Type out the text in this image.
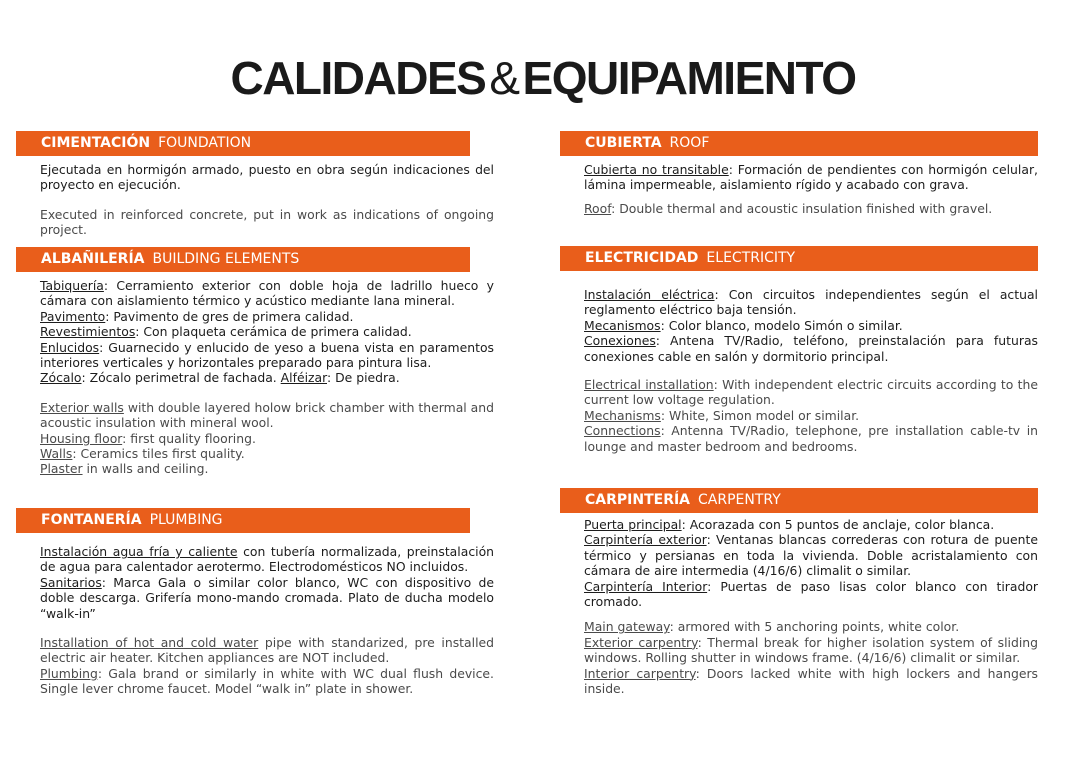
CALIDADES&EQUIPAMIENTO
CIMENTACIÓN FOUNDATION

Ejecutada en hormigón armado, puesto en obra según indicaciones del proyecto en ejecución.

Executed in reinforced concrete, put in work as indications of ongoing project.

ALBAÑILERÍA BUILDING ELEMENTS

Tabiquería: Cerramiento exterior con doble hoja de ladrillo hueco y cámara con aislamiento térmico y acústico mediante lana mineral.

Pavimento: Pavimento de gres de primera calidad.

Revestimientos: Con plaqueta cerámica de primera calidad.

Enlucidos: Guarnecido y enlucido de yeso a buena vista en paramentos interiores verticales y horizontales preparado para pintura lisa.

Zócalo: Zócalo perimetral de fachada. Alféizar: De piedra.

Exterior walls with double layered holow brick chamber with thermal and acoustic insulation with mineral wool.

Housing floor: first quality flooring.

Walls: Ceramics tiles first quality.

Plaster in walls and ceiling.

FONTANERÍA PLUMBING

Instalación agua fría y caliente con tubería normalizada, preinstalación de agua para calentador aerotermo. Electrodomésticos NO incluidos.

Sanitarios: Marca Gala o similar color blanco, WC con dispositivo de doble descarga. Grifería mono-mando cromada. Plato de ducha modelo “walk-in”

Installation of hot and cold water pipe with standarized, pre installed electric air heater. Kitchen appliances are NOT included.

Plumbing: Gala brand or similarly in white with WC dual flush device. Single lever chrome faucet. Model “walk in” plate in shower.

CUBIERTA ROOF

Cubierta no transitable: Formación de pendientes con hormigón celular, lámina impermeable, aislamiento rígido y acabado con grava.

Roof: Double thermal and acoustic insulation finished with gravel.

ELECTRICIDAD ELECTRICITY

Instalación eléctrica: Con circuitos independientes según el actual reglamento eléctrico baja tensión.

Mecanismos: Color blanco, modelo Simón o similar.

Conexiones: Antena TV/Radio, teléfono, preinstalación para futuras conexiones cable en salón y dormitorio principal.

Electrical installation: With independent electric circuits according to the current low voltage regulation.

Mechanisms: White, Simon model or similar.

Connections: Antenna TV/Radio, telephone, pre installation cable-tv in lounge and master bedroom and bedrooms.

CARPINTERÍA CARPENTRY

Puerta principal: Acorazada con 5 puntos de anclaje, color blanca.

Carpintería exterior: Ventanas blancas correderas con rotura de puente térmico y persianas en toda la vivienda. Doble acristalamiento con cámara de aire intermedia (4/16/6) climalit o similar.

Carpintería Interior: Puertas de paso lisas color blanco con tirador cromado.

Main gateway: armored with 5 anchoring points, white color.

Exterior carpentry: Thermal break for higher isolation system of sliding windows. Rolling shutter in windows frame. (4/16/6) climalit or similar.

Interior carpentry: Doors lacked white with high lockers and hangers inside.
